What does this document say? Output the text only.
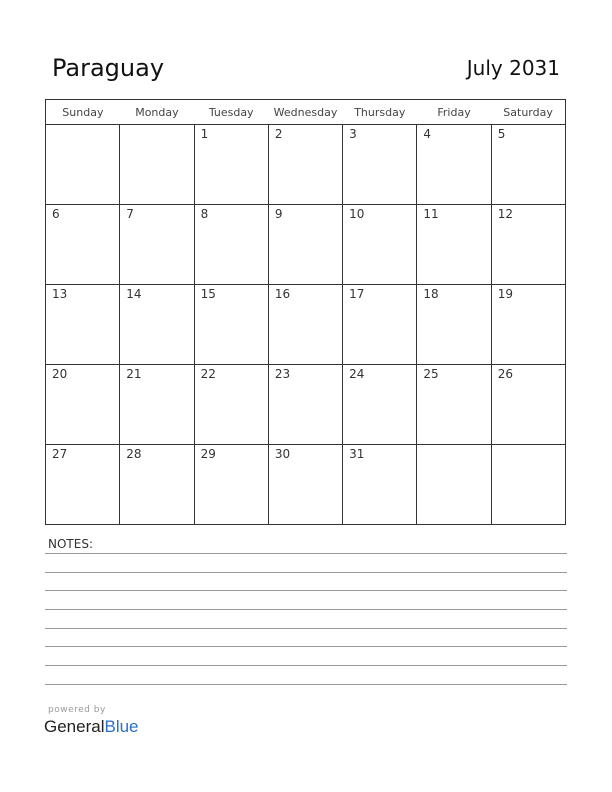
Paraguay	July 2031
Sunday	Monday	Tuesday	Wednesday	Thursday	Friday	Saturday
		1	2	3	4	5
6	7	8	9	10	11	12
13	14	15	16	17	18	19
20	21	22	23	24	25	26
27	28	29	30	31		
NOTES:
powered by
GeneralBlue
